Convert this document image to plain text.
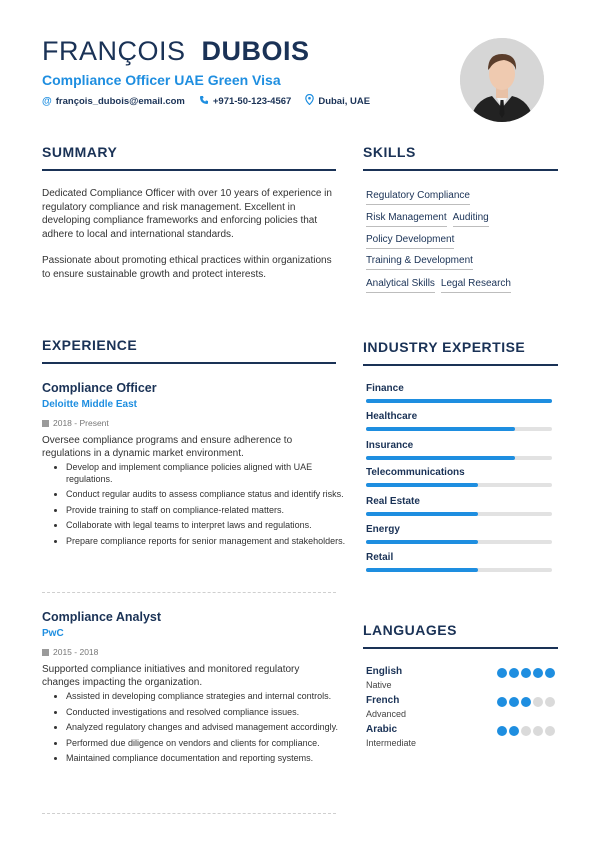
FRANÇOIS DUBOIS
Compliance Officer UAE Green Visa
@ françois_dubois@email.com	+971-50-123-4567	Dubai, UAE
SUMMARY
Dedicated Compliance Officer with over 10 years of experience in regulatory compliance and risk management. Excellent in developing compliance frameworks and enforcing policies that adhere to local and international standards.
Passionate about promoting ethical practices within organizations to ensure sustainable growth and protect interests.
SKILLS
Regulatory Compliance
Risk Management Auditing
Policy Development
Training & Development
Analytical Skills Legal Research
EXPERIENCE
Compliance Officer
Deloitte Middle East
2018 - Present
Oversee compliance programs and ensure adherence to regulations in a dynamic market environment.
• Develop and implement compliance policies aligned with UAE regulations.
• Conduct regular audits to assess compliance status and identify risks.
• Provide training to staff on compliance-related matters.
• Collaborate with legal teams to interpret laws and regulations.
• Prepare compliance reports for senior management and stakeholders.
Compliance Analyst
PwC
2015 - 2018
Supported compliance initiatives and monitored regulatory changes impacting the organization.
• Assisted in developing compliance strategies and internal controls.
• Conducted investigations and resolved compliance issues.
• Analyzed regulatory changes and advised management accordingly.
• Performed due diligence on vendors and clients for compliance.
• Maintained compliance documentation and reporting systems.
INDUSTRY EXPERTISE
Finance
Healthcare
Insurance
Telecommunications
Real Estate
Energy
Retail
LANGUAGES
English
Native
French
Advanced
Arabic
Intermediate
